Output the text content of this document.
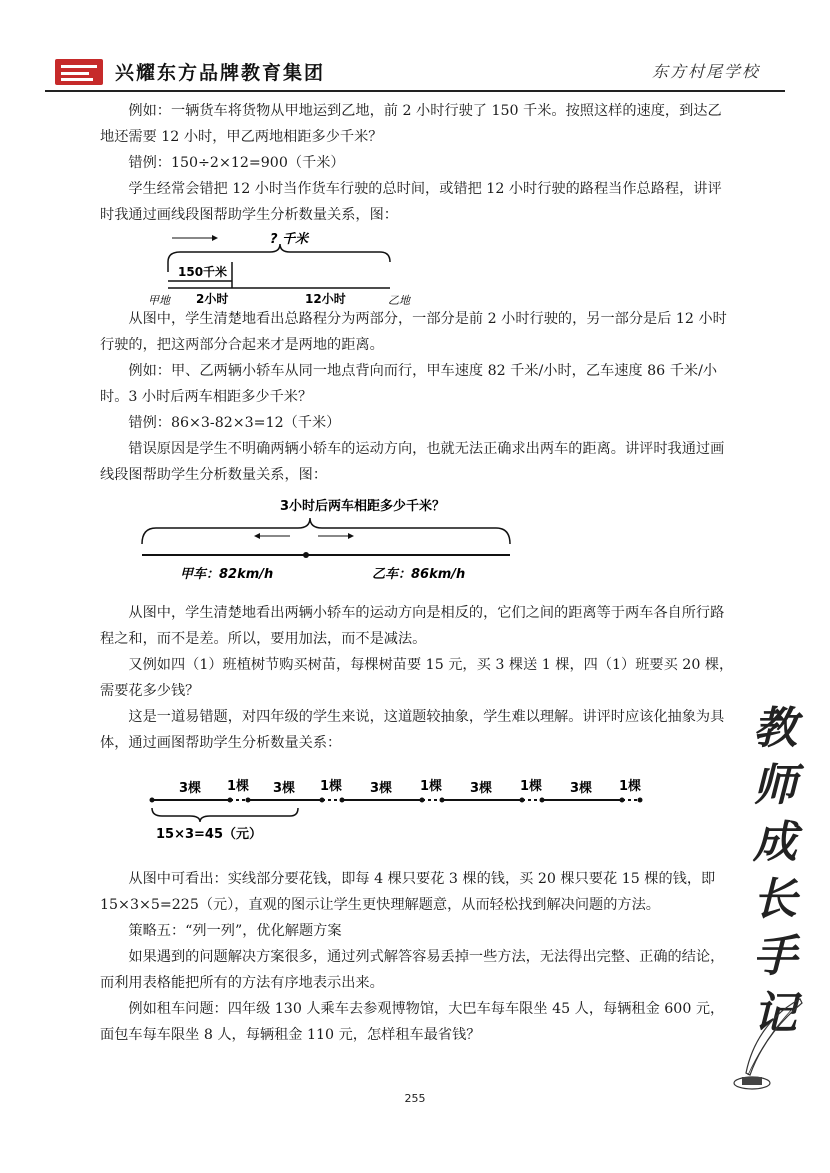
兴耀东方品牌教育集团	东方村尾学校

例如：一辆货车将货物从甲地运到乙地，前 2 小时行驶了 150 千米。按照这样的速度，到达乙地还需要 12 小时，甲乙两地相距多少千米？

错例：150÷2×12=900（千米）

学生经常会错把 12 小时当作货车行驶的总时间，或错把 12 小时行驶的路程当作总路程，讲评时我通过画线段图帮助学生分析数量关系，图：

? 千米
150千米
甲地 2小时	12小时	乙地

从图中，学生清楚地看出总路程分为两部分，一部分是前 2 小时行驶的，另一部分是后 12 小时行驶的，把这两部分合起来才是两地的距离。

例如：甲、乙两辆小轿车从同一地点背向而行，甲车速度 82 千米/小时，乙车速度 86 千米/小时。3 小时后两车相距多少千米？

错例：86×3-82×3=12（千米）

错误原因是学生不明确两辆小轿车的运动方向，也就无法正确求出两车的距离。讲评时我通过画线段图帮助学生分析数量关系，图：

3小时后两车相距多少千米？
甲车：82km/h	乙车：86km/h

从图中，学生清楚地看出两辆小轿车的运动方向是相反的，它们之间的距离等于两车各自所行路程之和，而不是差。所以，要用加法，而不是减法。

又例如四（1）班植树节购买树苗，每棵树苗要 15 元，买 3 棵送 1 棵，四（1）班要买 20 棵，需要花多少钱？

这是一道易错题，对四年级的学生来说，这道题较抽象，学生难以理解。讲评时应该化抽象为具体，通过画图帮助学生分析数量关系：

3棵	3棵	3棵	3棵	3棵
1棵	1棵	1棵	1棵	1棵
15×3=45（元）

从图中可看出：实线部分要花钱，即每 4 棵只要花 3 棵的钱，买 20 棵只要花 15 棵的钱，即 15×3×5=225（元），直观的图示让学生更快理解题意，从而轻松找到解决问题的方法。

策略五：“列一列”，优化解题方案

如果遇到的问题解决方案很多，通过列式解答容易丢掉一些方法，无法得出完整、正确的结论，而利用表格能把所有的方法有序地表示出来。

例如租车问题：四年级 130 人乘车去参观博物馆，大巴车每车限坐 45 人，每辆租金 600 元，面包车每车限坐 8 人，每辆租金 110 元，怎样租车最省钱？

教
师
成
长
手
记
255
